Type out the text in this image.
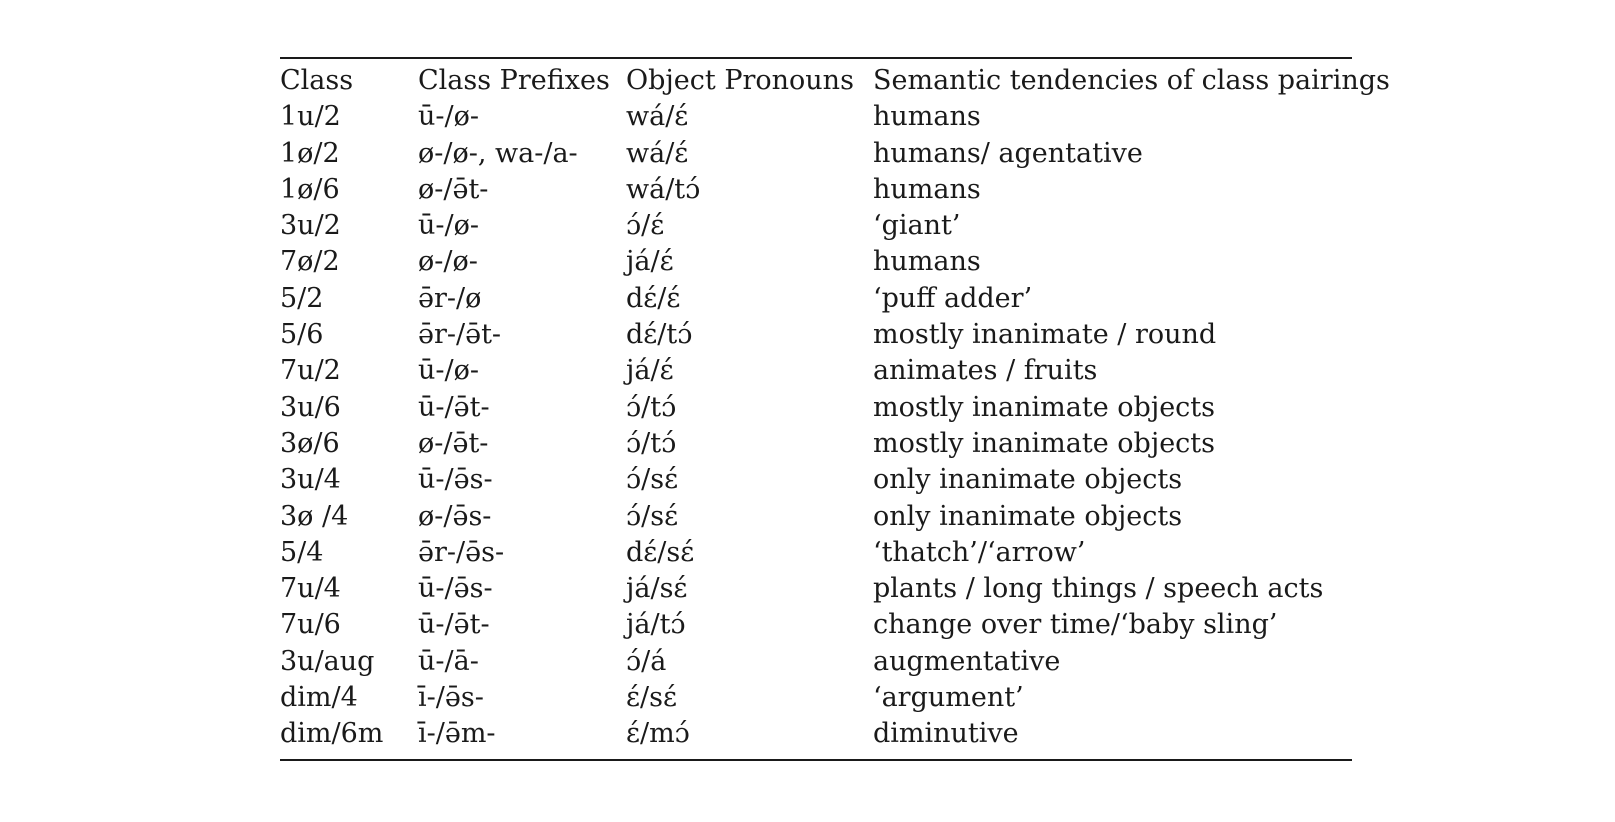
Class	Class Prefixes	Object Pronouns	Semantic tendencies of class pairings
1u/2	ū-/ø-	wá/ɛ́	humans
1ø/2	ø-/ø-, wa-/a-	wá/ɛ́	humans/ agentative
1ø/6	ø-/ə̄t-	wá/tɔ́	humans
3u/2	ū-/ø-	ɔ́/ɛ́	‘giant’
7ø/2	ø-/ø-	já/ɛ́	humans
5/2	ə̄r-/ø	dɛ́/ɛ́	‘puff adder’
5/6	ə̄r-/ə̄t-	dɛ́/tɔ́	mostly inanimate / round
7u/2	ū-/ø-	já/ɛ́	animates / fruits
3u/6	ū-/ə̄t-	ɔ́/tɔ́	mostly inanimate objects
3ø/6	ø-/ə̄t-	ɔ́/tɔ́	mostly inanimate objects
3u/4	ū-/ə̄s-	ɔ́/sɛ́	only inanimate objects
3ø /4	ø-/ə̄s-	ɔ́/sɛ́	only inanimate objects
5/4	ə̄r-/ə̄s-	dɛ́/sɛ́	‘thatch’/‘arrow’
7u/4	ū-/ə̄s-	já/sɛ́	plants / long things / speech acts
7u/6	ū-/ə̄t-	já/tɔ́	change over time/‘baby sling’
3u/aug	ū-/ā-	ɔ́/á	augmentative
dim/4	ī-/ə̄s-	ɛ́/sɛ́	‘argument’
dim/6m	ī-/ə̄m-	ɛ́/mɔ́	diminutive
